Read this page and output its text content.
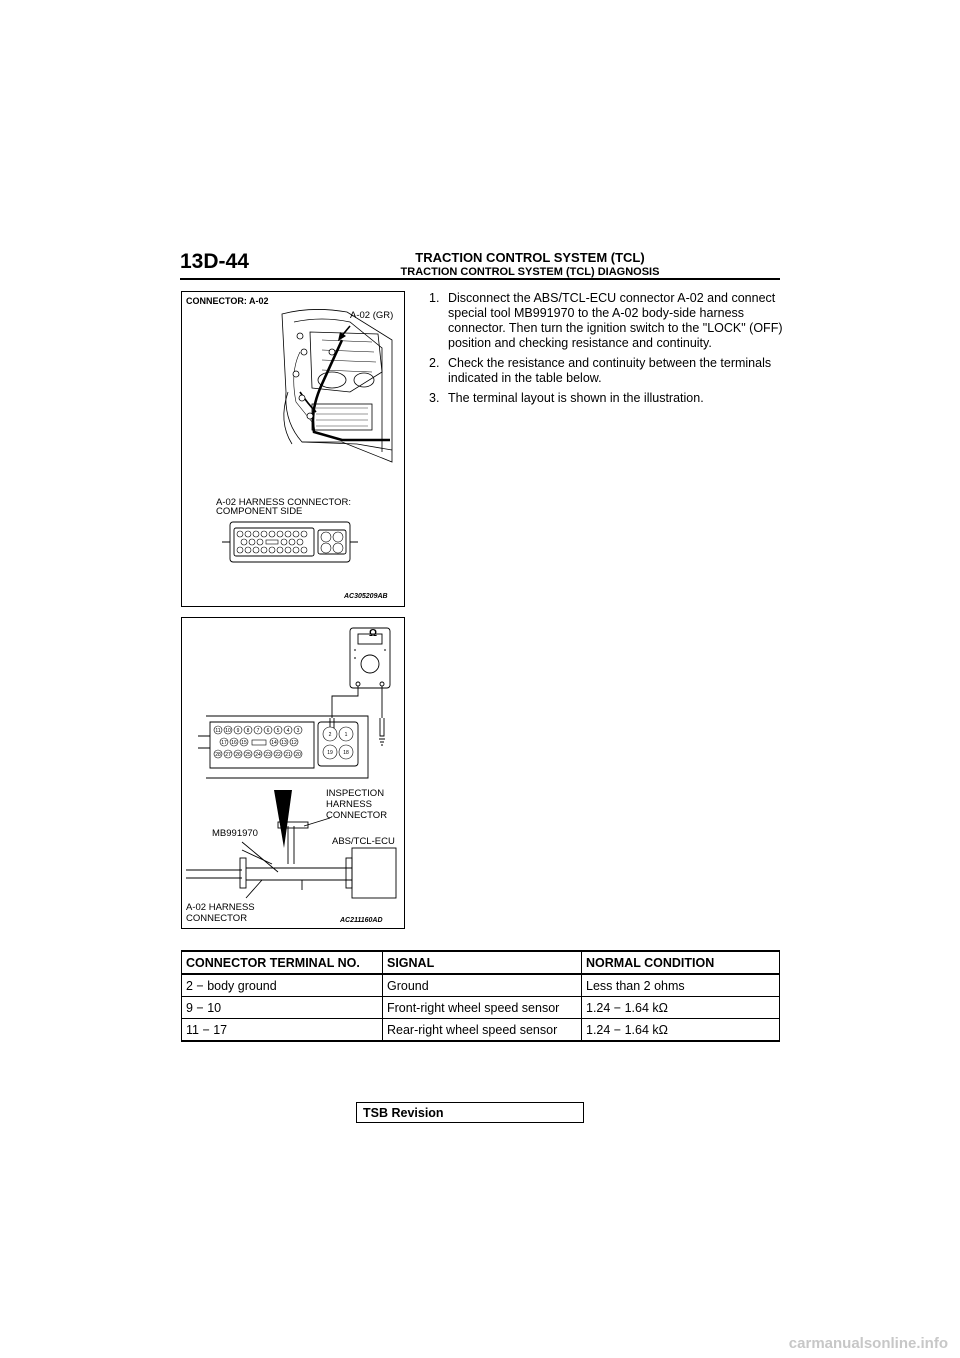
13D-44	TRACTION CONTROL SYSTEM (TCL)
TRACTION CONTROL SYSTEM (TCL) DIAGNOSIS
CONNECTOR: A-02
A-02 (GR)
A-02 HARNESS CONNECTOR:
COMPONENT SIDE
AC305209AB
11 10 9 8 7 6 5 4 3
17 16 15	14 13 12
28 27 26 25 24 23 22 21 20
2	1
19 18
Ω
INSPECTION
HARNESS
CONNECTOR
MB991970
ABS/TCL-ECU
A-02 HARNESS
CONNECTOR	AC211160AD
1. Disconnect the ABS/TCL-ECU connector A-02 and connect special tool MB991970 to the A-02 body-side harness connector. Then turn the ignition switch to the "LOCK" (OFF) position and checking resistance and continuity.
2. Check the resistance and continuity between the terminals indicated in the table below.
3. The terminal layout is shown in the illustration.
CONNECTOR TERMINAL NO.	SIGNAL	NORMAL CONDITION
2 − body ground	Ground	Less than 2 ohms
9 − 10	Front-right wheel speed sensor	1.24 − 1.64 kΩ
11 − 17	Rear-right wheel speed sensor	1.24 − 1.64 kΩ
TSB Revision
carmanualsonline.info
